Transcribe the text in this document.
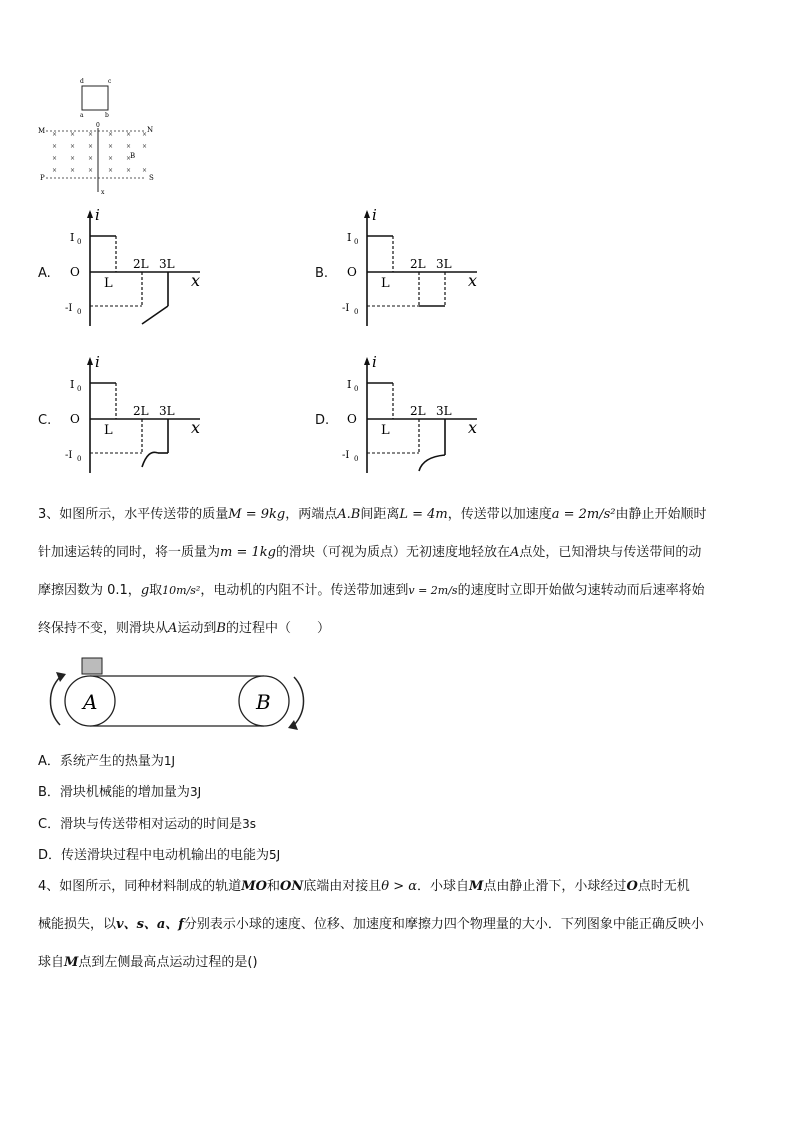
d	c
a	b
0
M	N
P	S
B
x
× × × × × ×
× × × × × ×
× × × × ×
× × × × × ×
A.
i
x
O
I 0
-I 0
L
2L 3L
B.
i
x
O
I 0
-I 0
L
2L 3L
C.
i
x
O
I 0
-I 0
L
2L 3L
D.
i
x
O
I 0
-I 0
L
2L 3L
3、如图所示，水平传送带的质量M = 9kg，两端点A.B间距离L = 4m，传送带以加速度a = 2m/s²由静止开始顺时
针加速运转的同时，将一质量为m = 1kg的滑块（可视为质点）无初速度地轻放在A点处，已知滑块与传送带间的动
摩擦因数为 0.1，g取10m/s²，电动机的内阻不计。传送带加速到v = 2m/s的速度时立即开始做匀速转动而后速率将始
终保持不变，则滑块从A运动到B的过程中（　　）
A	B
A．系统产生的热量为1J
B．滑块机械能的增加量为3J
C．滑块与传送带相对运动的时间是3s
D．传送滑块过程中电动机输出的电能为5J
4、如图所示，同种材料制成的轨道MO和ON底端由对接且θ > α．小球自M点由静止滑下，小球经过O点时无机
械能损失，以v、s、a、f分别表示小球的速度、位移、加速度和摩擦力四个物理量的大小．下列图象中能正确反映小
球自M点到左侧最高点运动过程的是()
